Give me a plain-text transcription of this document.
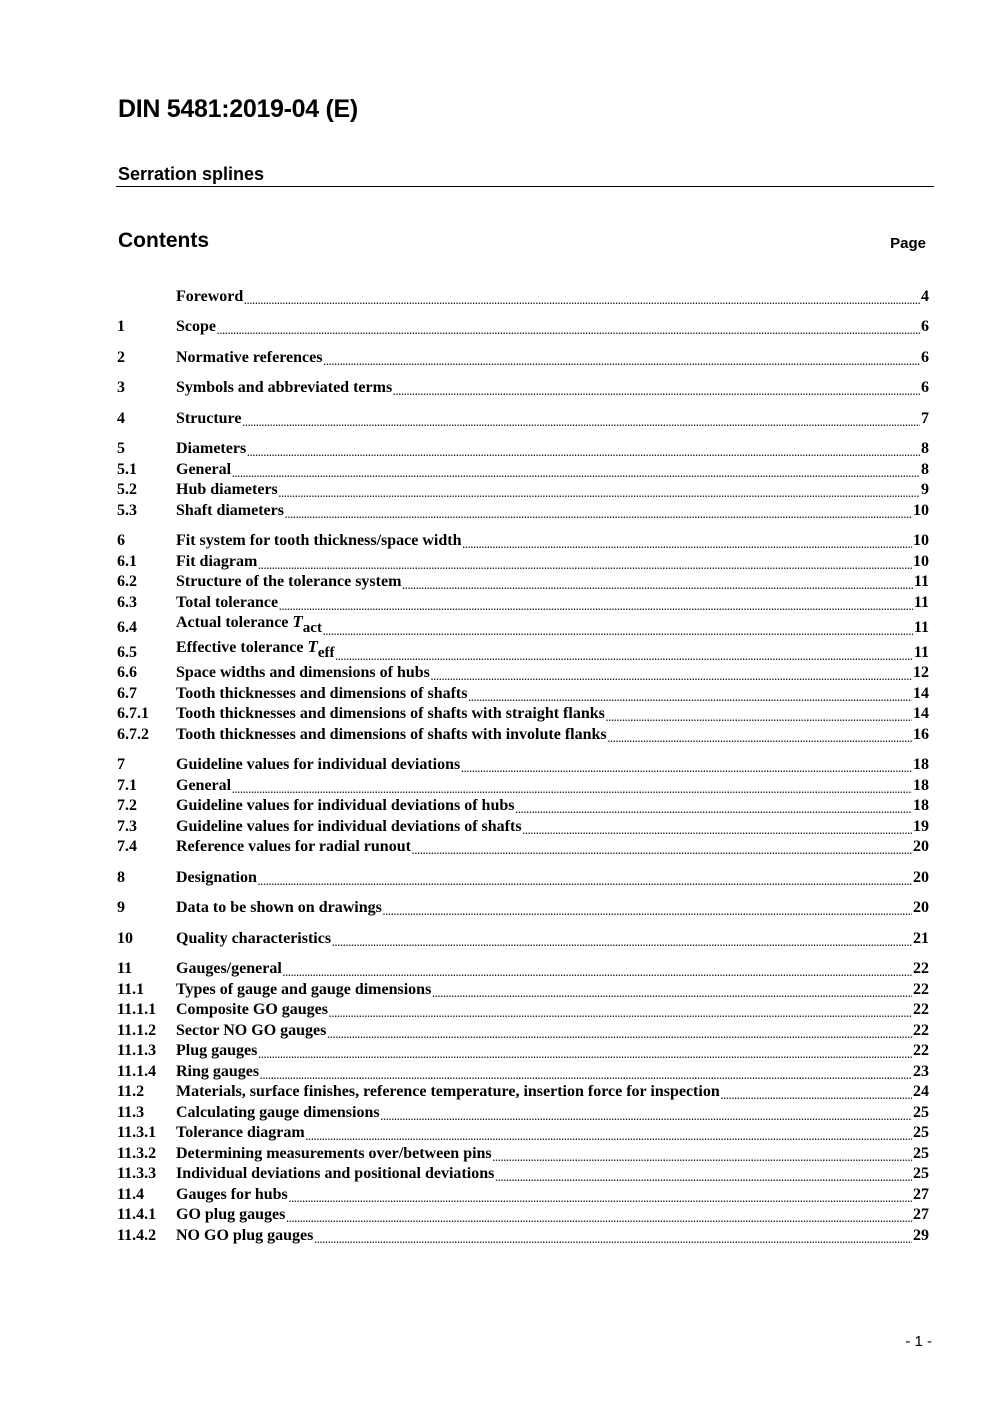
DIN 5481:2019-04 (E)
Serration splines
Contents	Page
Foreword .....	4
1	Scope .....	6
2	Normative references .....	6
3	Symbols and abbreviated terms .....	6
4	Structure .....	7
5	Diameters .....	8
5.1	General .....	8
5.2	Hub diameters .....	9
5.3	Shaft diameters .....	10
6	Fit system for tooth thickness/space width .....	10
6.1	Fit diagram .....	10
6.2	Structure of the tolerance system .....	11
6.3	Total tolerance .....	11
6.4	Actual tolerance $T_{act}$ .....	11
6.5	Effective tolerance $T_{eff}$ .....	11
6.6	Space widths and dimensions of hubs .....	12
6.7	Tooth thicknesses and dimensions of shafts .....	14
6.7.1	Tooth thicknesses and dimensions of shafts with straight flanks .....	14
6.7.2	Tooth thicknesses and dimensions of shafts with involute flanks .....	16
7	Guideline values for individual deviations .....	18
7.1	General .....	18
7.2	Guideline values for individual deviations of hubs .....	18
7.3	Guideline values for individual deviations of shafts .....	19
7.4	Reference values for radial runout .....	20
8	Designation .....	20
9	Data to be shown on drawings .....	20
10	Quality characteristics .....	21
11	Gauges/general .....	22
11.1	Types of gauge and gauge dimensions .....	22
11.1.1	Composite GO gauges .....	22
11.1.2	Sector NO GO gauges .....	22
11.1.3	Plug gauges .....	22
11.1.4	Ring gauges .....	23
11.2	Materials, surface finishes, reference temperature, insertion force for inspection .....	24
11.3	Calculating gauge dimensions .....	25
11.3.1	Tolerance diagram .....	25
11.3.2	Determining measurements over/between pins .....	25
11.3.3	Individual deviations and positional deviations .....	25
11.4	Gauges for hubs .....	27
11.4.1	GO plug gauges .....	27
11.4.2	NO GO plug gauges .....	29
- 1 -
